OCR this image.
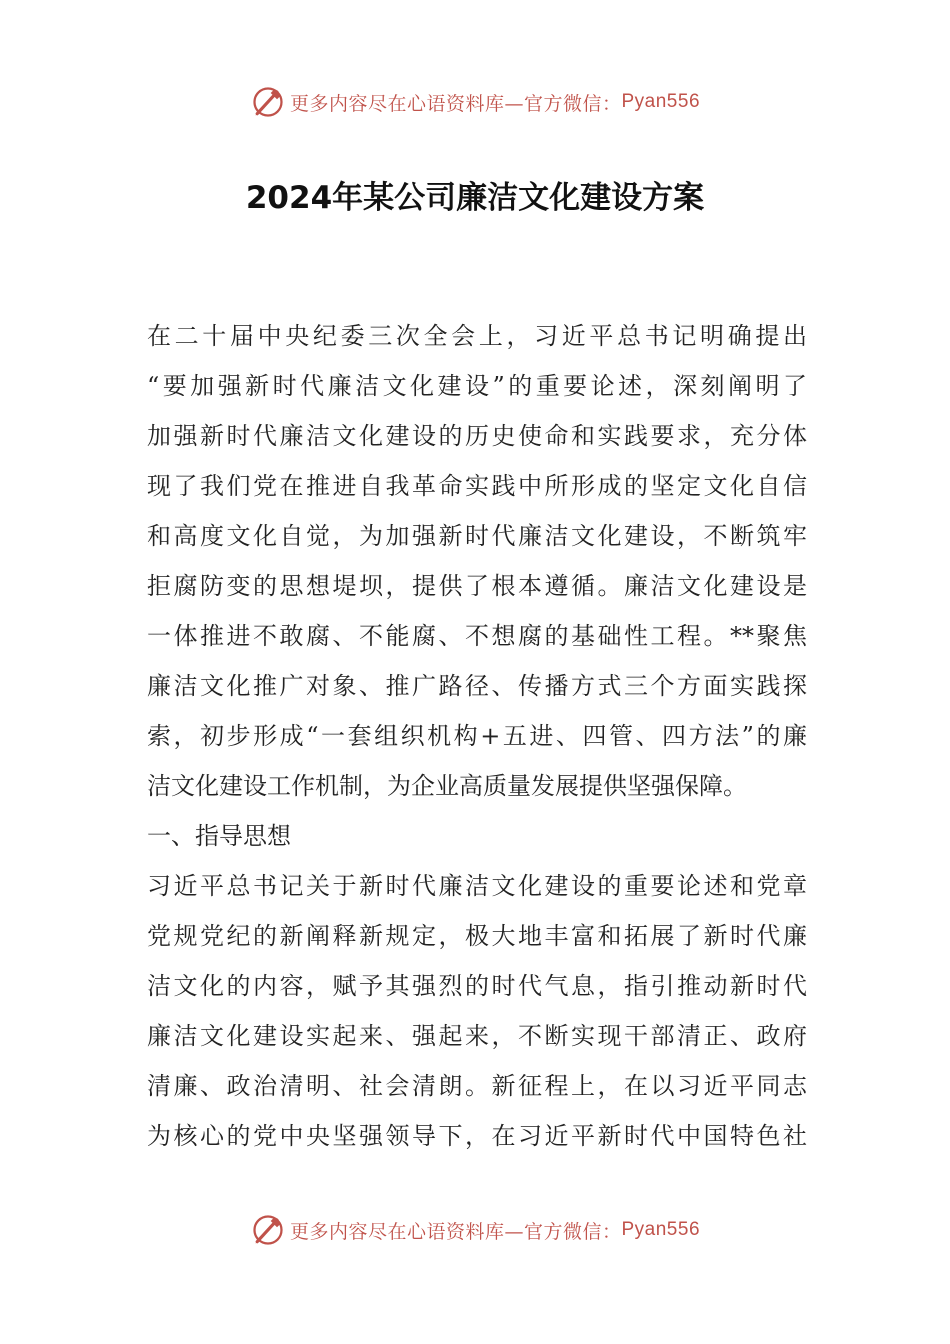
更多内容尽在心语资料库—官方微信： Pyan556
2024年某公司廉洁文化建设方案
在二十届中央纪委三次全会上，习近平总书记明确提出
“要加强新时代廉洁文化建设”的重要论述，深刻阐明了
加强新时代廉洁文化建设的历史使命和实践要求，充分体
现了我们党在推进自我革命实践中所形成的坚定文化自信
和高度文化自觉，为加强新时代廉洁文化建设，不断筑牢
拒腐防变的思想堤坝，提供了根本遵循。廉洁文化建设是
一体推进不敢腐、不能腐、不想腐的基础性工程。**聚焦
廉洁文化推广对象、推广路径、传播方式三个方面实践探
索，初步形成“一套组织机构+五进、四管、四方法”的廉
洁文化建设工作机制，为企业高质量发展提供坚强保障。
一、指导思想
习近平总书记关于新时代廉洁文化建设的重要论述和党章
党规党纪的新阐释新规定，极大地丰富和拓展了新时代廉
洁文化的内容，赋予其强烈的时代气息，指引推动新时代
廉洁文化建设实起来、强起来，不断实现干部清正、政府
清廉、政治清明、社会清朗。新征程上，在以习近平同志
为核心的党中央坚强领导下，在习近平新时代中国特色社
更多内容尽在心语资料库—官方微信： Pyan556
